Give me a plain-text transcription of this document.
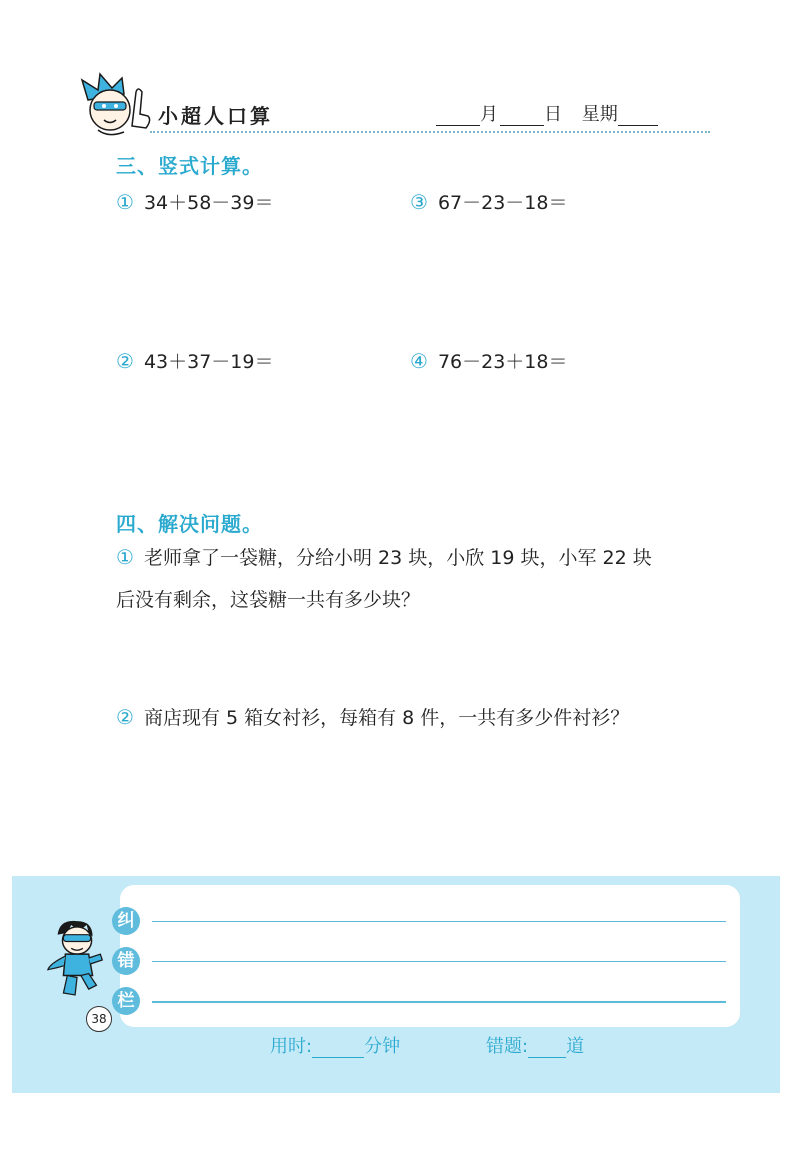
小超人口算	月	日 星期
三、竖式计算。
① 34＋58－39＝	③ 67－23－18＝
② 43＋37－19＝	④ 76－23＋18＝
四、解决问题。
① 老师拿了一袋糖，分给小明 23 块，小欣 19 块，小军 22 块
后没有剩余，这袋糖一共有多少块？
② 商店现有 5 箱女衬衫，每箱有 8 件，一共有多少件衬衫？
纠
错
栏
38
用时:	分钟	错题: 道
